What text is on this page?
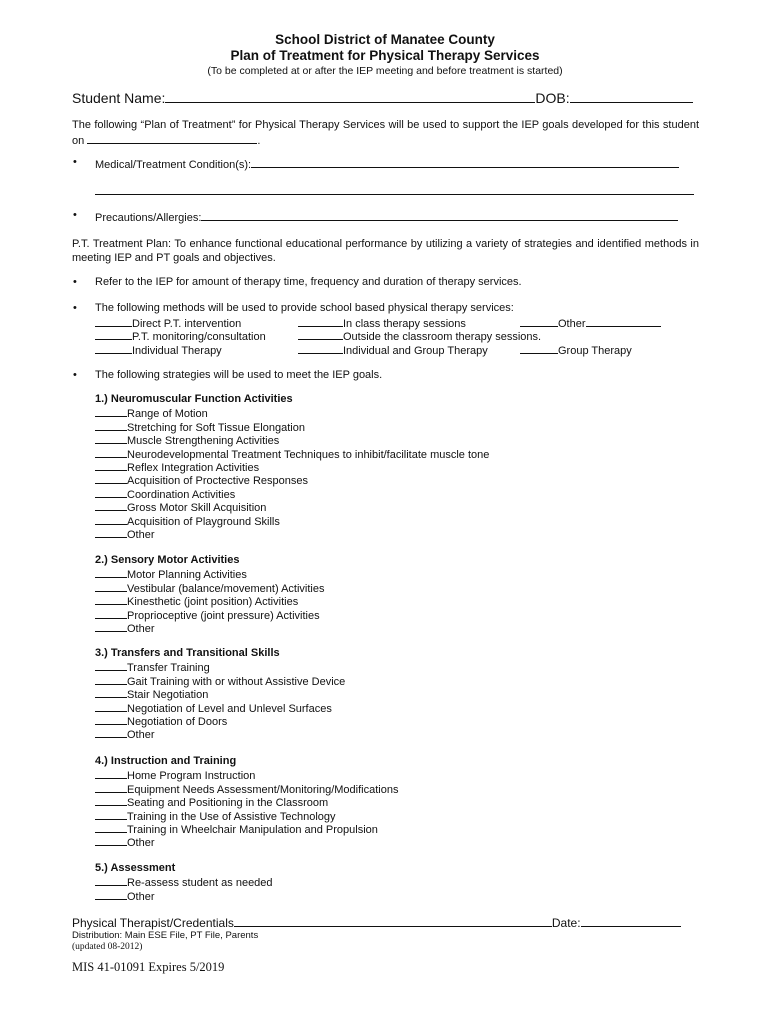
School District of Manatee County
Plan of Treatment for Physical Therapy Services
(To be completed at or after the IEP meeting and before treatment is started)
Student Name:	DOB:
The following “Plan of Treatment” for Physical Therapy Services will be used to support the IEP goals developed for this student on	.
• Medical/Treatment Condition(s):
• Precautions/Allergies:
P.T. Treatment Plan: To enhance functional educational performance by utilizing a variety of strategies and identified methods in meeting IEP and PT goals and objectives.
• Refer to the IEP for amount of therapy time, frequency and duration of therapy services.
• The following methods will be used to provide school based physical therapy services:
Direct P.T. intervention	In class therapy sessions	Other
P.T. monitoring/consultation	Outside the classroom therapy sessions.
Individual Therapy	Individual and Group Therapy	Group Therapy
• The following strategies will be used to meet the IEP goals.
1.) Neuromuscular Function Activities
Range of Motion
Stretching for Soft Tissue Elongation
Muscle Strengthening Activities
Neurodevelopmental Treatment Techniques to inhibit/facilitate muscle tone
Reflex Integration Activities
Acquisition of Proctective Responses
Coordination Activities
Gross Motor Skill Acquisition
Acquisition of Playground Skills
Other
2.) Sensory Motor Activities
Motor Planning Activities
Vestibular (balance/movement) Activities
Kinesthetic (joint position) Activities
Proprioceptive (joint pressure) Activities
Other
3.) Transfers and Transitional Skills
Transfer Training
Gait Training with or without Assistive Device
Stair Negotiation
Negotiation of Level and Unlevel Surfaces
Negotiation of Doors
Other
4.) Instruction and Training
Home Program Instruction
Equipment Needs Assessment/Monitoring/Modifications
Seating and Positioning in the Classroom
Training in the Use of Assistive Technology
Training in Wheelchair Manipulation and Propulsion
Other
5.) Assessment
Re-assess student as needed
Other
Physical Therapist/Credentials	Date:
Distribution: Main ESE File, PT File, Parents
(updated 08-2012)
MIS 41-01091 Expires 5/2019
